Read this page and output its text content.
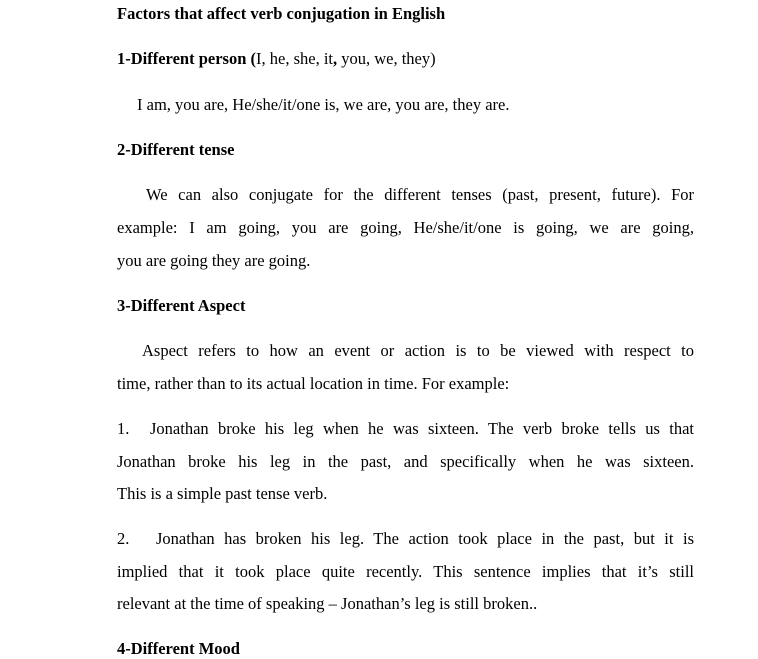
Factors that affect verb conjugation in English
1-Different person (I, he, she, it, you, we, they)
I am, you are, He/she/it/one is, we are, you are, they are.
2-Different tense
We can also conjugate for the different tenses (past, present, future). For
example: I am going, you are going, He/she/it/one is going, we are going,
you are going they are going.
3-Different Aspect
Aspect refers to how an event or action is to be viewed with respect to
time, rather than to its actual location in time. For example:
1. Jonathan broke his leg when he was sixteen. The verb broke tells us that
Jonathan broke his leg in the past, and specifically when he was sixteen.
This is a simple past tense verb.
2. Jonathan has broken his leg. The action took place in the past, but it is
implied that it took place quite recently. This sentence implies that it’s still
relevant at the time of speaking – Jonathan’s leg is still broken..
4-Different Mood
